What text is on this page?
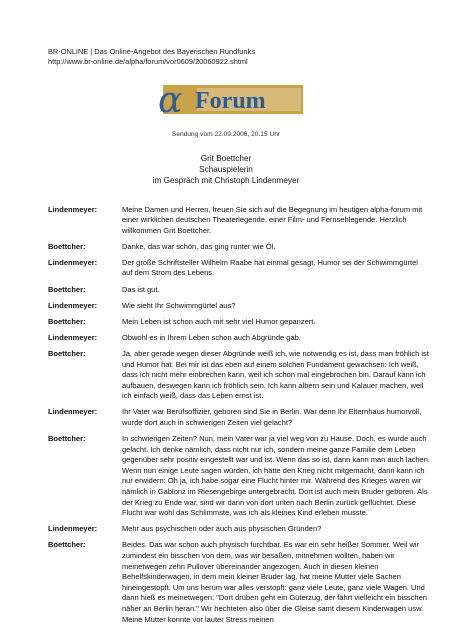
BR-ONLINE | Das Online-Angebot des Bayerischen Rundfunks
http://www.br-online.de/alpha/forum/vor0609/20060922.shtml
α Forum
Sendung vom 22.09.2006, 20.15 Uhr
Grit Boettcher
Schauspielerin
im Gespräch mit Christoph Lindenmeyer
Lindenmeyer:	Meine Damen und Herren, freuen Sie sich auf die Begegnung im heutigen alpha-forum mit einer wirklichen deutschen Theaterlegende, einer Film- und Fernsehlegende. Herzlich willkommen Grit Boettcher.
Boettcher:	Danke, das war schön, das ging runter wie Öl.
Lindenmeyer:	Der große Schriftsteller Wilhelm Raabe hat einmal gesagt, Humor sei der Schwimmgürtel auf dem Strom des Lebens.
Boettcher:	Das ist gut.
Lindenmeyer:	Wie sieht Ihr Schwimmgürtel aus?
Boettcher:	Mein Leben ist schon auch mit sehr viel Humor gepanzert.
Lindenmeyer:	Obwohl es in Ihrem Leben schon auch Abgründe gab.
Boettcher:	Ja, aber gerade wegen dieser Abgründe weiß ich, wie notwendig es ist, dass man fröhlich ist und Humor hat. Bei mir ist das eben auf einem solchen Fundament gewachsen: Ich weiß, dass ich nicht mehr einbrechen kann, weil ich schon mal eingebrochen bin. Darauf kann ich aufbauen, deswegen kann ich fröhlich sein. Ich kann albern sein und Kalauer machen, weil ich einfach weiß, dass das Leben ernst ist.
Lindenmeyer:	Ihr Vater war Berufsoffizier, geboren sind Sie in Berlin. War denn Ihr Elternhaus humorvoll, wurde dort auch in schwierigen Zeiten viel gelacht?
Boettcher:	In schwierigen Zeiten? Nun, mein Vater war ja viel weg von zu Hause. Doch, es wurde auch gelacht. Ich denke nämlich, dass nicht nur ich, sondern meine ganze Familie dem Leben gegenüber sehr positiv eingestellt war und ist. Wenn das so ist, dann kann man auch lachen. Wenn nun einige Leute sagen würden, ich hätte den Krieg nicht mitgemacht, dann kann ich nur erwidern: Oh ja, ich habe sogar eine Flucht hinter mir. Während des Krieges waren wir nämlich in Gablonz im Riesengebirge untergebracht. Dort ist auch mein Bruder geboren. Als der Krieg zu Ende war, sind wir dann von dort unten nach Berlin zurück geflüchtet. Diese Flucht war wohl das Schlimmste, was ich als kleines Kind erleben musste.
Lindenmeyer:	Mehr aus psychischen oder auch aus physischen Gründen?
Boettcher:	Beides. Das war schon auch physisch furchtbar. Es war ein sehr heißer Sommer. Weil wir zumindest ein bisschen von dem, was wir besaßen, mitnehmen wollten, haben wir meinetwegen zehn Pullover übereinander angezogen. Auch in diesen kleinen Behelfskinderwagen, in dem mein kleiner Bruder lag, hat meine Mutter viele Sachen hineingestopft. Um uns herum war alles verstopft: ganz viele Leute, ganz viele Wagen. Und dann hieß es meinetwegen: "Dort drüben geht ein Güterzug, der fährt vielleicht ein bisschen näher an Berlin heran." Wir hechteten also über die Gleise samt diesem Kinderwagen usw. Meine Mutter konnte vor lauter Stress meinen
